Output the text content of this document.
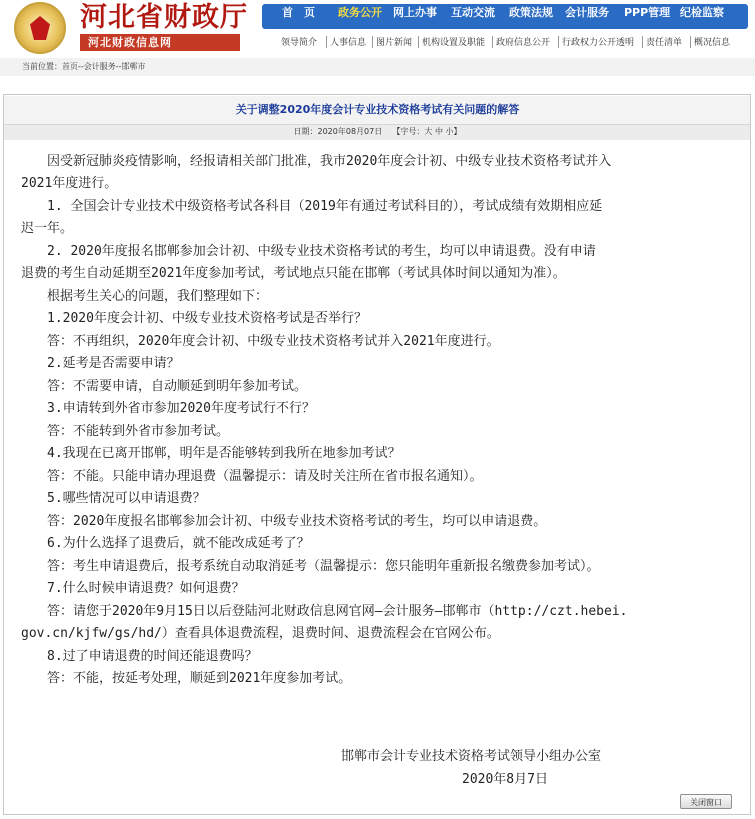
河北省财政厅
河北财政信息网
首　页 政务公开 网上办事 互动交流 政策法规 会计服务 PPP管理 纪检监察
领导简介 人事信息 图片新闻 机构设置及职能 政府信息公开 行政权力公开透明 责任清单 概况信息
当前位置：首页--会计服务--邯郸市
关于调整2020年度会计专业技术资格考试有关问题的解答
日期：2020年08月07日 【字号：大 中 小】
　　因受新冠肺炎疫情影响，经报请相关部门批准，我市2020年度会计初、中级专业技术资格考试并入
2021年度进行。
　　1. 全国会计专业技术中级资格考试各科目（2019年有通过考试科目的），考试成绩有效期相应延
迟一年。
　　2. 2020年度报名邯郸参加会计初、中级专业技术资格考试的考生，均可以申请退费。没有申请
退费的考生自动延期至2021年度参加考试，考试地点只能在邯郸（考试具体时间以通知为准）。
　　根据考生关心的问题，我们整理如下：
　　1.2020年度会计初、中级专业技术资格考试是否举行？
　　答：不再组织，2020年度会计初、中级专业技术资格考试并入2021年度进行。
　　2.延考是否需要申请？
　　答：不需要申请，自动顺延到明年参加考试。
　　3.申请转到外省市参加2020年度考试行不行？
　　答：不能转到外省市参加考试。
　　4.我现在已离开邯郸，明年是否能够转到我所在地参加考试？
　　答：不能。只能申请办理退费（温馨提示：请及时关注所在省市报名通知）。
　　5.哪些情况可以申请退费？
　　答：2020年度报名邯郸参加会计初、中级专业技术资格考试的考生，均可以申请退费。
　　6.为什么选择了退费后，就不能改成延考了？
　　答：考生申请退费后，报考系统自动取消延考（温馨提示：您只能明年重新报名缴费参加考试）。
　　7.什么时候申请退费？如何退费？
　　答：请您于2020年9月15日以后登陆河北财政信息网官网—会计服务—邯郸市（http://czt.hebei.
gov.cn/kjfw/gs/hd/）查看具体退费流程，退费时间、退费流程会在官网公布。
　　8.过了申请退费的时间还能退费吗？
　　答：不能，按延考处理，顺延到2021年度参加考试。
邯郸市会计专业技术资格考试领导小组办公室
2020年8月7日
关闭窗口
